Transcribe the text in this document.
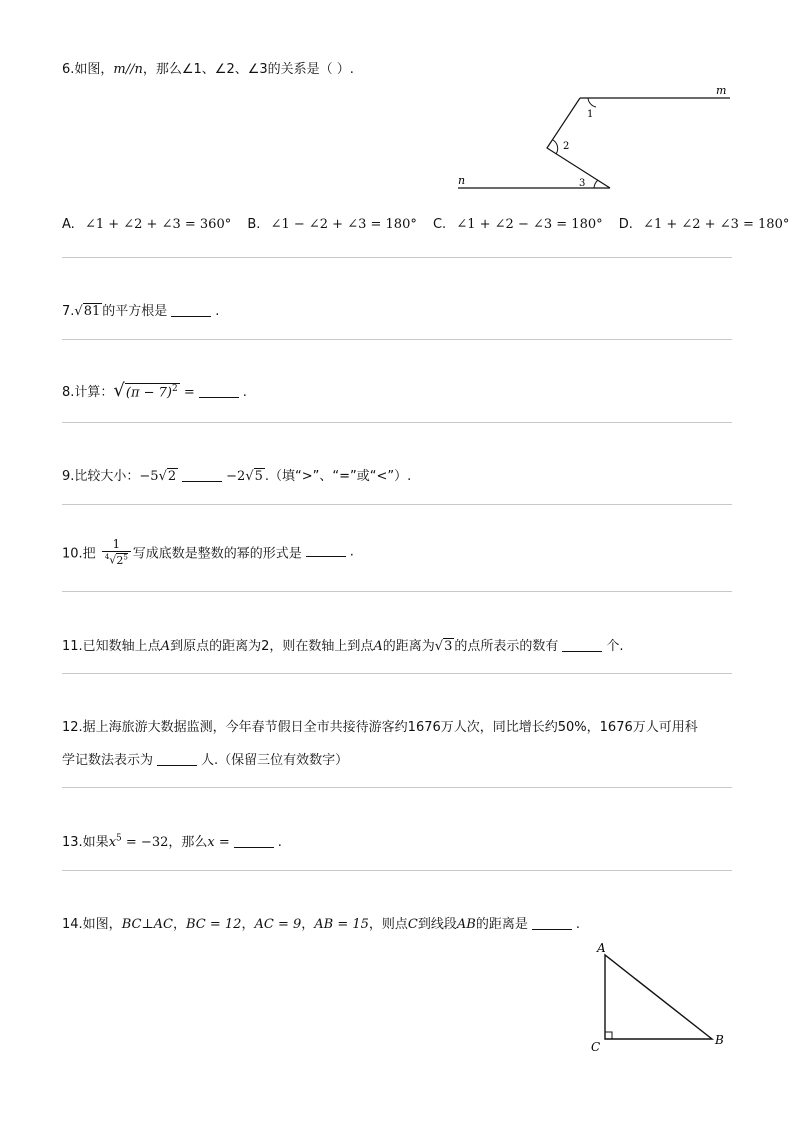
6.如图，m//n，那么∠1、∠2、∠3的关系是（ ）.
m
n
1
2
3
A. ∠1 + ∠2 + ∠3 = 360° B. ∠1 − ∠2 + ∠3 = 180° C. ∠1 + ∠2 − ∠3 = 180° D. ∠1 + ∠2 + ∠3 = 180°
7.√81 的平方根是	.
8.计算：$√(\pi - 7)^2$ =	.
9.比较大小：−5√2	−2√5 .（填“>”、“=”或“<”）.
10.把 $\frac{1}{^4√2^5}$ 写成底数是整数的幂的形式是	.
11.已知数轴上点A到原点的距离为2，则在数轴上到点A的距离为√3 的点所表示的数有	个.
12.据上海旅游大数据监测，今年春节假日全市共接待游客约1676万人次，同比增长约50%，1676万人可用科
学记数法表示为	人.（保留三位有效数字）
13.如果$x^5 = -32$，那么x =	.
14.如图，BC⊥AC，BC = 12，AC = 9，AB = 15，则点C到线段AB的距离是	.
A
B
C
